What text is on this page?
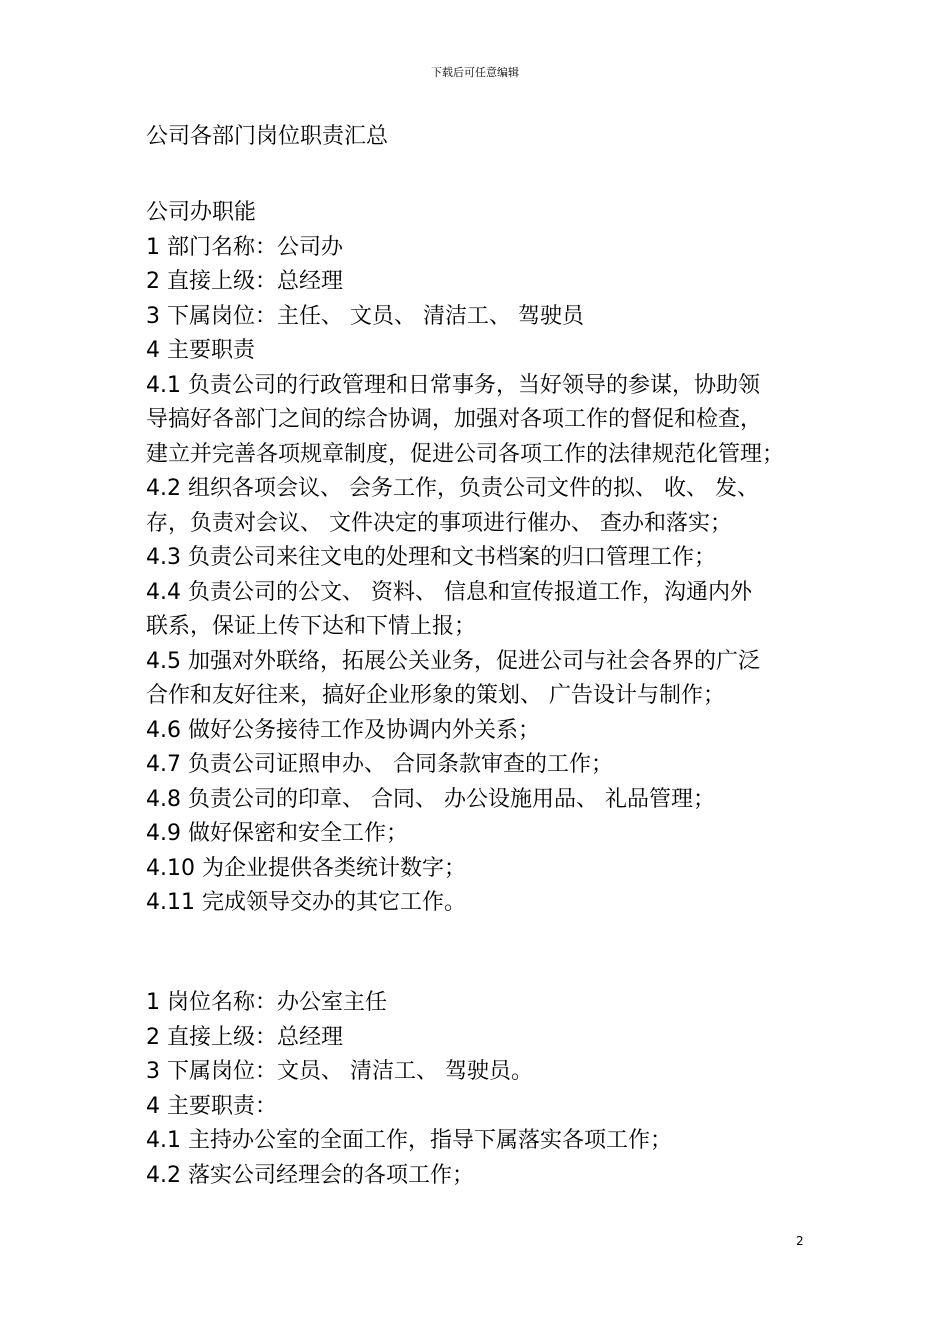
下载后可任意编辑
公司各部门岗位职责汇总
公司办职能
1 部门名称：公司办
2 直接上级：总经理
3 下属岗位：主任、 文员、 清洁工、 驾驶员
4 主要职责
4.1 负责公司的行政管理和日常事务，当好领导的参谋，协助领
导搞好各部门之间的综合协调，加强对各项工作的督促和检查，
建立并完善各项规章制度，促进公司各项工作的法律规范化管理；
4.2 组织各项会议、 会务工作，负责公司文件的拟、 收、 发、
存，负责对会议、 文件决定的事项进行催办、 查办和落实；
4.3 负责公司来往文电的处理和文书档案的归口管理工作；
4.4 负责公司的公文、 资料、 信息和宣传报道工作，沟通内外
联系，保证上传下达和下情上报；
4.5 加强对外联络，拓展公关业务，促进公司与社会各界的广泛
合作和友好往来，搞好企业形象的策划、 广告设计与制作；
4.6 做好公务接待工作及协调内外关系；
4.7 负责公司证照申办、 合同条款审查的工作；
4.8 负责公司的印章、 合同、 办公设施用品、 礼品管理；
4.9 做好保密和安全工作；
4.10 为企业提供各类统计数字；
4.11 完成领导交办的其它工作。
1 岗位名称：办公室主任
2 直接上级：总经理
3 下属岗位：文员、 清洁工、 驾驶员。
4 主要职责：
4.1 主持办公室的全面工作，指导下属落实各项工作；
4.2 落实公司经理会的各项工作；
2
